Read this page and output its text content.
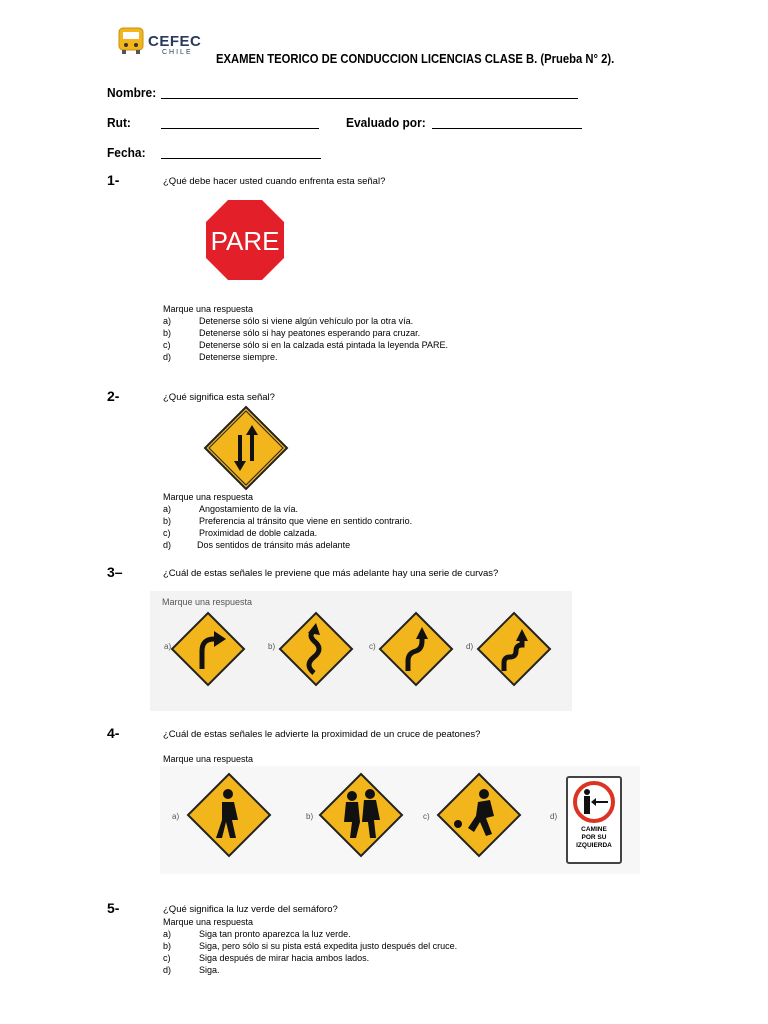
CEFEC
CHILE EXAMEN TEORICO DE CONDUCCION LICENCIAS CLASE B. (Prueba N° 2).
Nombre:
Rut:	Evaluado por:
Fecha:
1-	¿Qué debe hacer usted cuando enfrenta esta señal?
PARE
Marque una respuesta
a)	Detenerse sólo si viene algún vehículo por la otra vía.
b)	Detenerse sólo si hay peatones esperando para cruzar.
c)	Detenerse sólo si en la calzada está pintada la leyenda PARE.
d)	Detenerse siempre.
2-	¿Qué significa esta señal?
Marque una respuesta
a)	Angostamiento de la vía.
b)	Preferencia al tránsito que viene en sentido contrario.
c)	Proximidad de doble calzada.
d)	Dos sentidos de tránsito más adelante
3–	¿Cuál de estas señales le previene que más adelante hay una serie de curvas?
Marque una respuesta
a)	b)	c)	d)
4-	¿Cuál de estas señales le advierte la proximidad de un cruce de peatones?
Marque una respuesta
a)	b)	c)	d)
CAMINE
POR SU
IZQUIERDA
5-	¿Qué significa la luz verde del semáforo?
Marque una respuesta
a)	Siga tan pronto aparezca la luz verde.
b)	Siga, pero sólo si su pista está expedita justo después del cruce.
c)	Siga después de mirar hacia ambos lados.
d)	Siga.
